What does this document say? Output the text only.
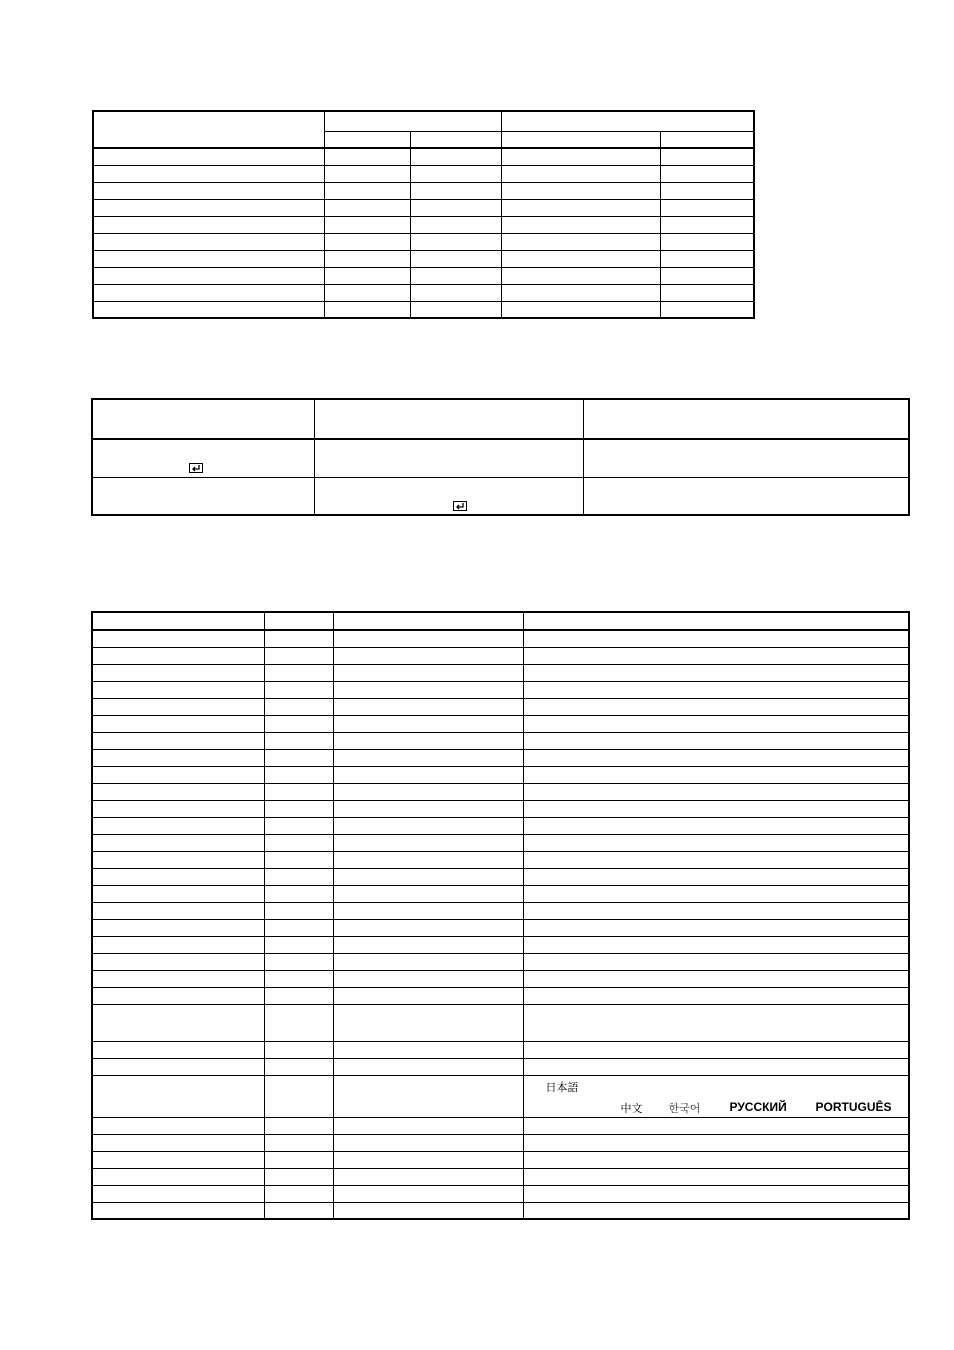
			日本語
中文 한국어 РУССКИЙ PORTUGUÊS
